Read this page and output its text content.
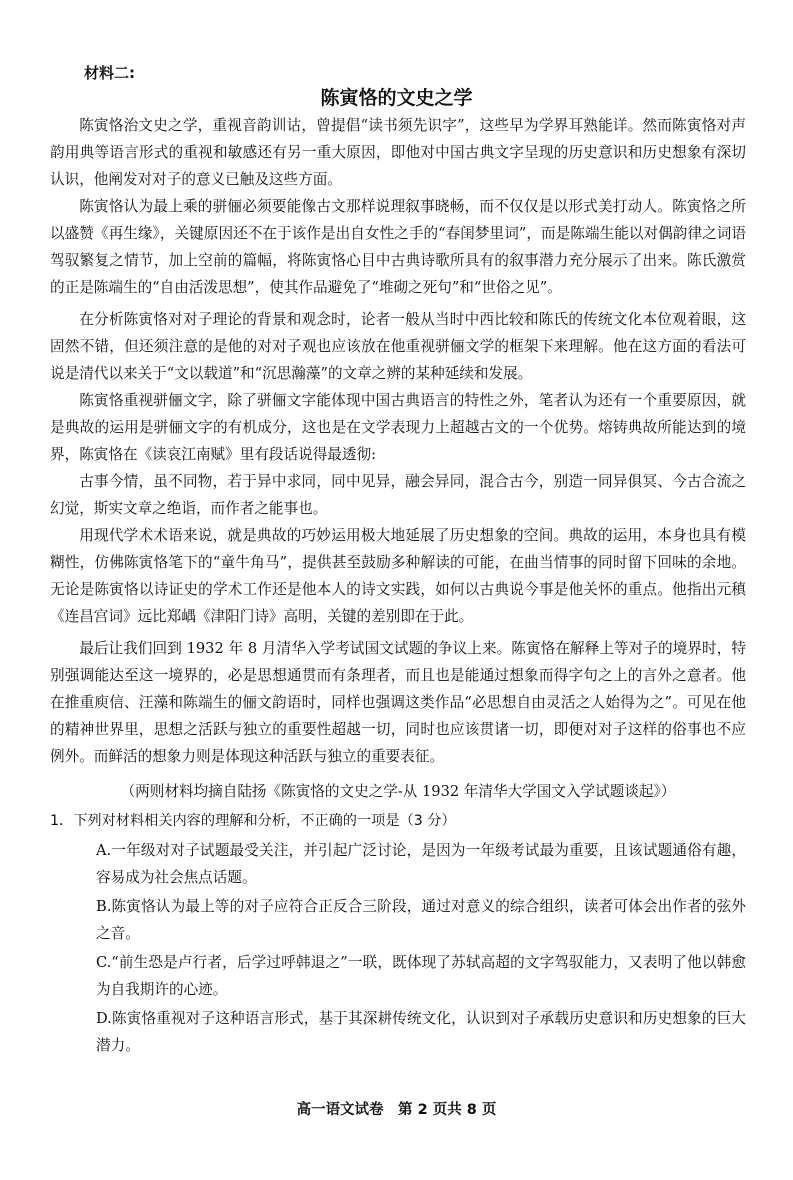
材料二:

陈寅恪的文史之学

陈寅恪治文史之学，重视音韵训诂，曾提倡“读书须先识字”，这些早为学界耳熟能详。然而陈寅恪对声韵用典等语言形式的重视和敏感还有另一重大原因，即他对中国古典文字呈现的历史意识和历史想象有深切认识，他阐发对对子的意义已触及这些方面。

陈寅恪认为最上乘的骈俪必须要能像古文那样说理叙事晓畅，而不仅仅是以形式美打动人。陈寅恪之所以盛赞《再生缘》，关键原因还不在于该作是出自女性之手的“春闺梦里词”，而是陈端生能以对偶韵律之词语驾驭繁复之情节，加上空前的篇幅，将陈寅恪心目中古典诗歌所具有的叙事潜力充分展示了出来。陈氏激赏的正是陈端生的“自由活泼思想”，使其作品避免了“堆砌之死句”和“世俗之见”。

在分析陈寅恪对对子理论的背景和观念时，论者一般从当时中西比较和陈氏的传统文化本位观着眼，这固然不错，但还须注意的是他的对对子观也应该放在他重视骈俪文学的框架下来理解。他在这方面的看法可说是清代以来关于“文以载道”和“沉思瀚藻”的文章之辨的某种延续和发展。

陈寅恪重视骈俪文字，除了骈俪文字能体现中国古典语言的特性之外，笔者认为还有一个重要原因，就是典故的运用是骈俪文字的有机成分，这也是在文学表现力上超越古文的一个优势。熔铸典故所能达到的境界，陈寅恪在《读哀江南赋》里有段话说得最透彻:

古事今情，虽不同物，若于异中求同，同中见异，融会异同，混合古今，别造一同异俱冥、今古合流之幻觉，斯实文章之绝诣，而作者之能事也。

用现代学术术语来说，就是典故的巧妙运用极大地延展了历史想象的空间。典故的运用，本身也具有模糊性，仿佛陈寅恪笔下的“童牛角马”，提供甚至鼓励多种解读的可能，在曲当情事的同时留下回味的余地。无论是陈寅恪以诗证史的学术工作还是他本人的诗文实践，如何以古典说今事是他关怀的重点。他指出元稹《连昌宫词》远比郑嵎《津阳门诗》高明，关键的差别即在于此。

最后让我们回到 1932 年 8 月清华入学考试国文试题的争议上来。陈寅恪在解释上等对子的境界时，特别强调能达至这一境界的，必是思想通贯而有条理者，而且也是能通过想象而得字句之上的言外之意者。他在推重庾信、汪藻和陈端生的俪文韵语时，同样也强调这类作品“必思想自由灵活之人始得为之”。可见在他的精神世界里，思想之活跃与独立的重要性超越一切，同时也应该贯诸一切，即便对对子这样的俗事也不应例外。而鲜活的想象力则是体现这种活跃与独立的重要表征。

（两则材料均摘自陆扬《陈寅恪的文史之学-从 1932 年清华大学国文入学试题谈起》）

1．下列对材料相关内容的理解和分析，不正确的一项是（3 分）

A.一年级对对子试题最受关注，并引起广泛讨论，是因为一年级考试最为重要，且该试题通俗有趣，容易成为社会焦点话题。

B.陈寅恪认为最上等的对子应符合正反合三阶段，通过对意义的综合组织，读者可体会出作者的弦外之音。

C.“前生恐是卢行者，后学过呼韩退之”一联，既体现了苏轼高超的文字驾驭能力，又表明了他以韩愈为自我期许的心迹。

D.陈寅恪重视对子这种语言形式，基于其深耕传统文化，认识到对子承载历史意识和历史想象的巨大潜力。

高一语文试卷　第 2 页共 8 页
